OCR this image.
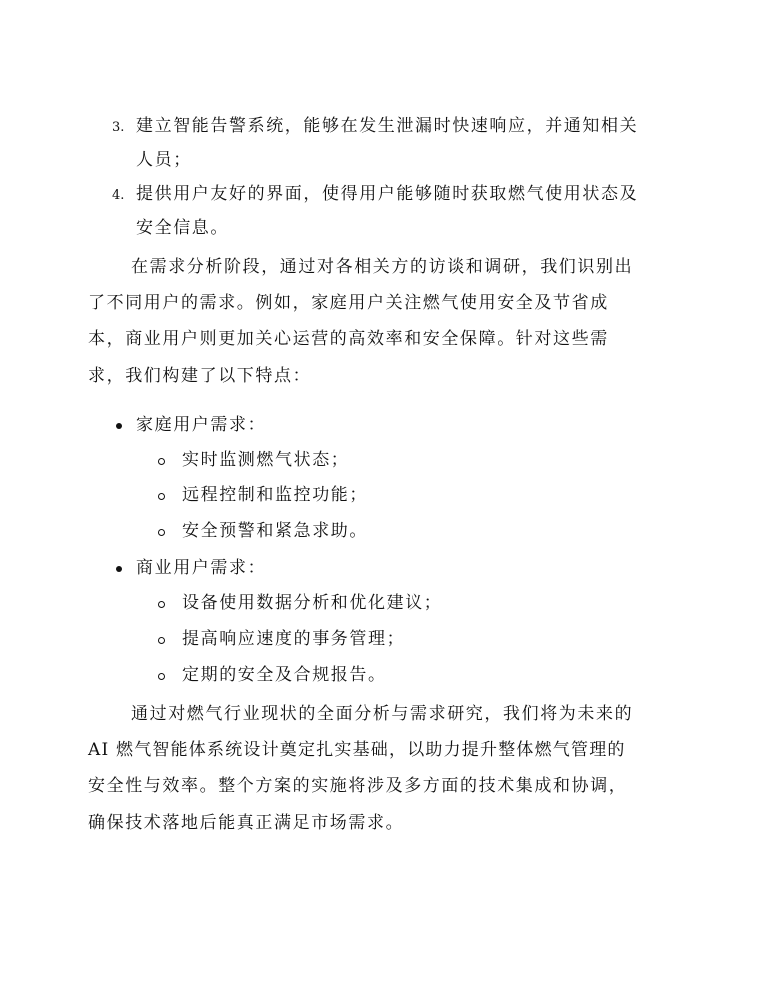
3. 建立智能告警系统，能够在发生泄漏时快速响应，并通知相关
人员；
4. 提供用户友好的界面，使得用户能够随时获取燃气使用状态及
安全信息。
在需求分析阶段，通过对各相关方的访谈和调研，我们识别出
了不同用户的需求。例如，家庭用户关注燃气使用安全及节省成
本，商业用户则更加关心运营的高效率和安全保障。针对这些需
求，我们构建了以下特点：
家庭用户需求：
实时监测燃气状态；
远程控制和监控功能；
安全预警和紧急求助。
商业用户需求：
设备使用数据分析和优化建议；
提高响应速度的事务管理；
定期的安全及合规报告。
通过对燃气行业现状的全面分析与需求研究，我们将为未来的
AI 燃气智能体系统设计奠定扎实基础，以助力提升整体燃气管理的
安全性与效率。整个方案的实施将涉及多方面的技术集成和协调，
确保技术落地后能真正满足市场需求。
